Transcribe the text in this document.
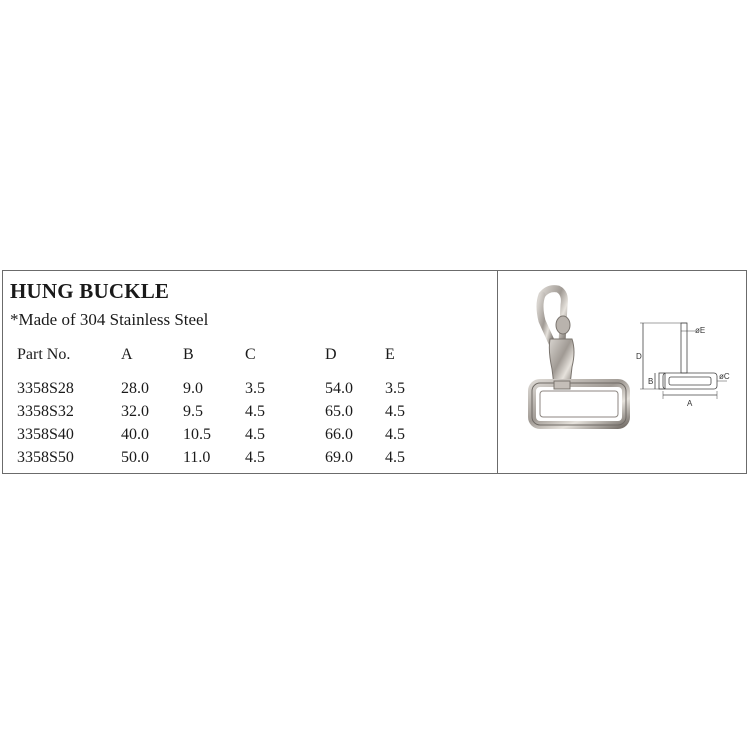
HUNG BUCKLE
*Made of 304 Stainless Steel
Part No.	A	B	C	D	E

3358S28	28.0	9.0	3.5	54.0	3.5
3358S32	32.0	9.5	4.5	65.0	4.5
3358S40	40.0	10.5	4.5	66.0	4.5
3358S50	50.0	11.0	4.5	69.0	4.5
øE
D
B
øC
A
